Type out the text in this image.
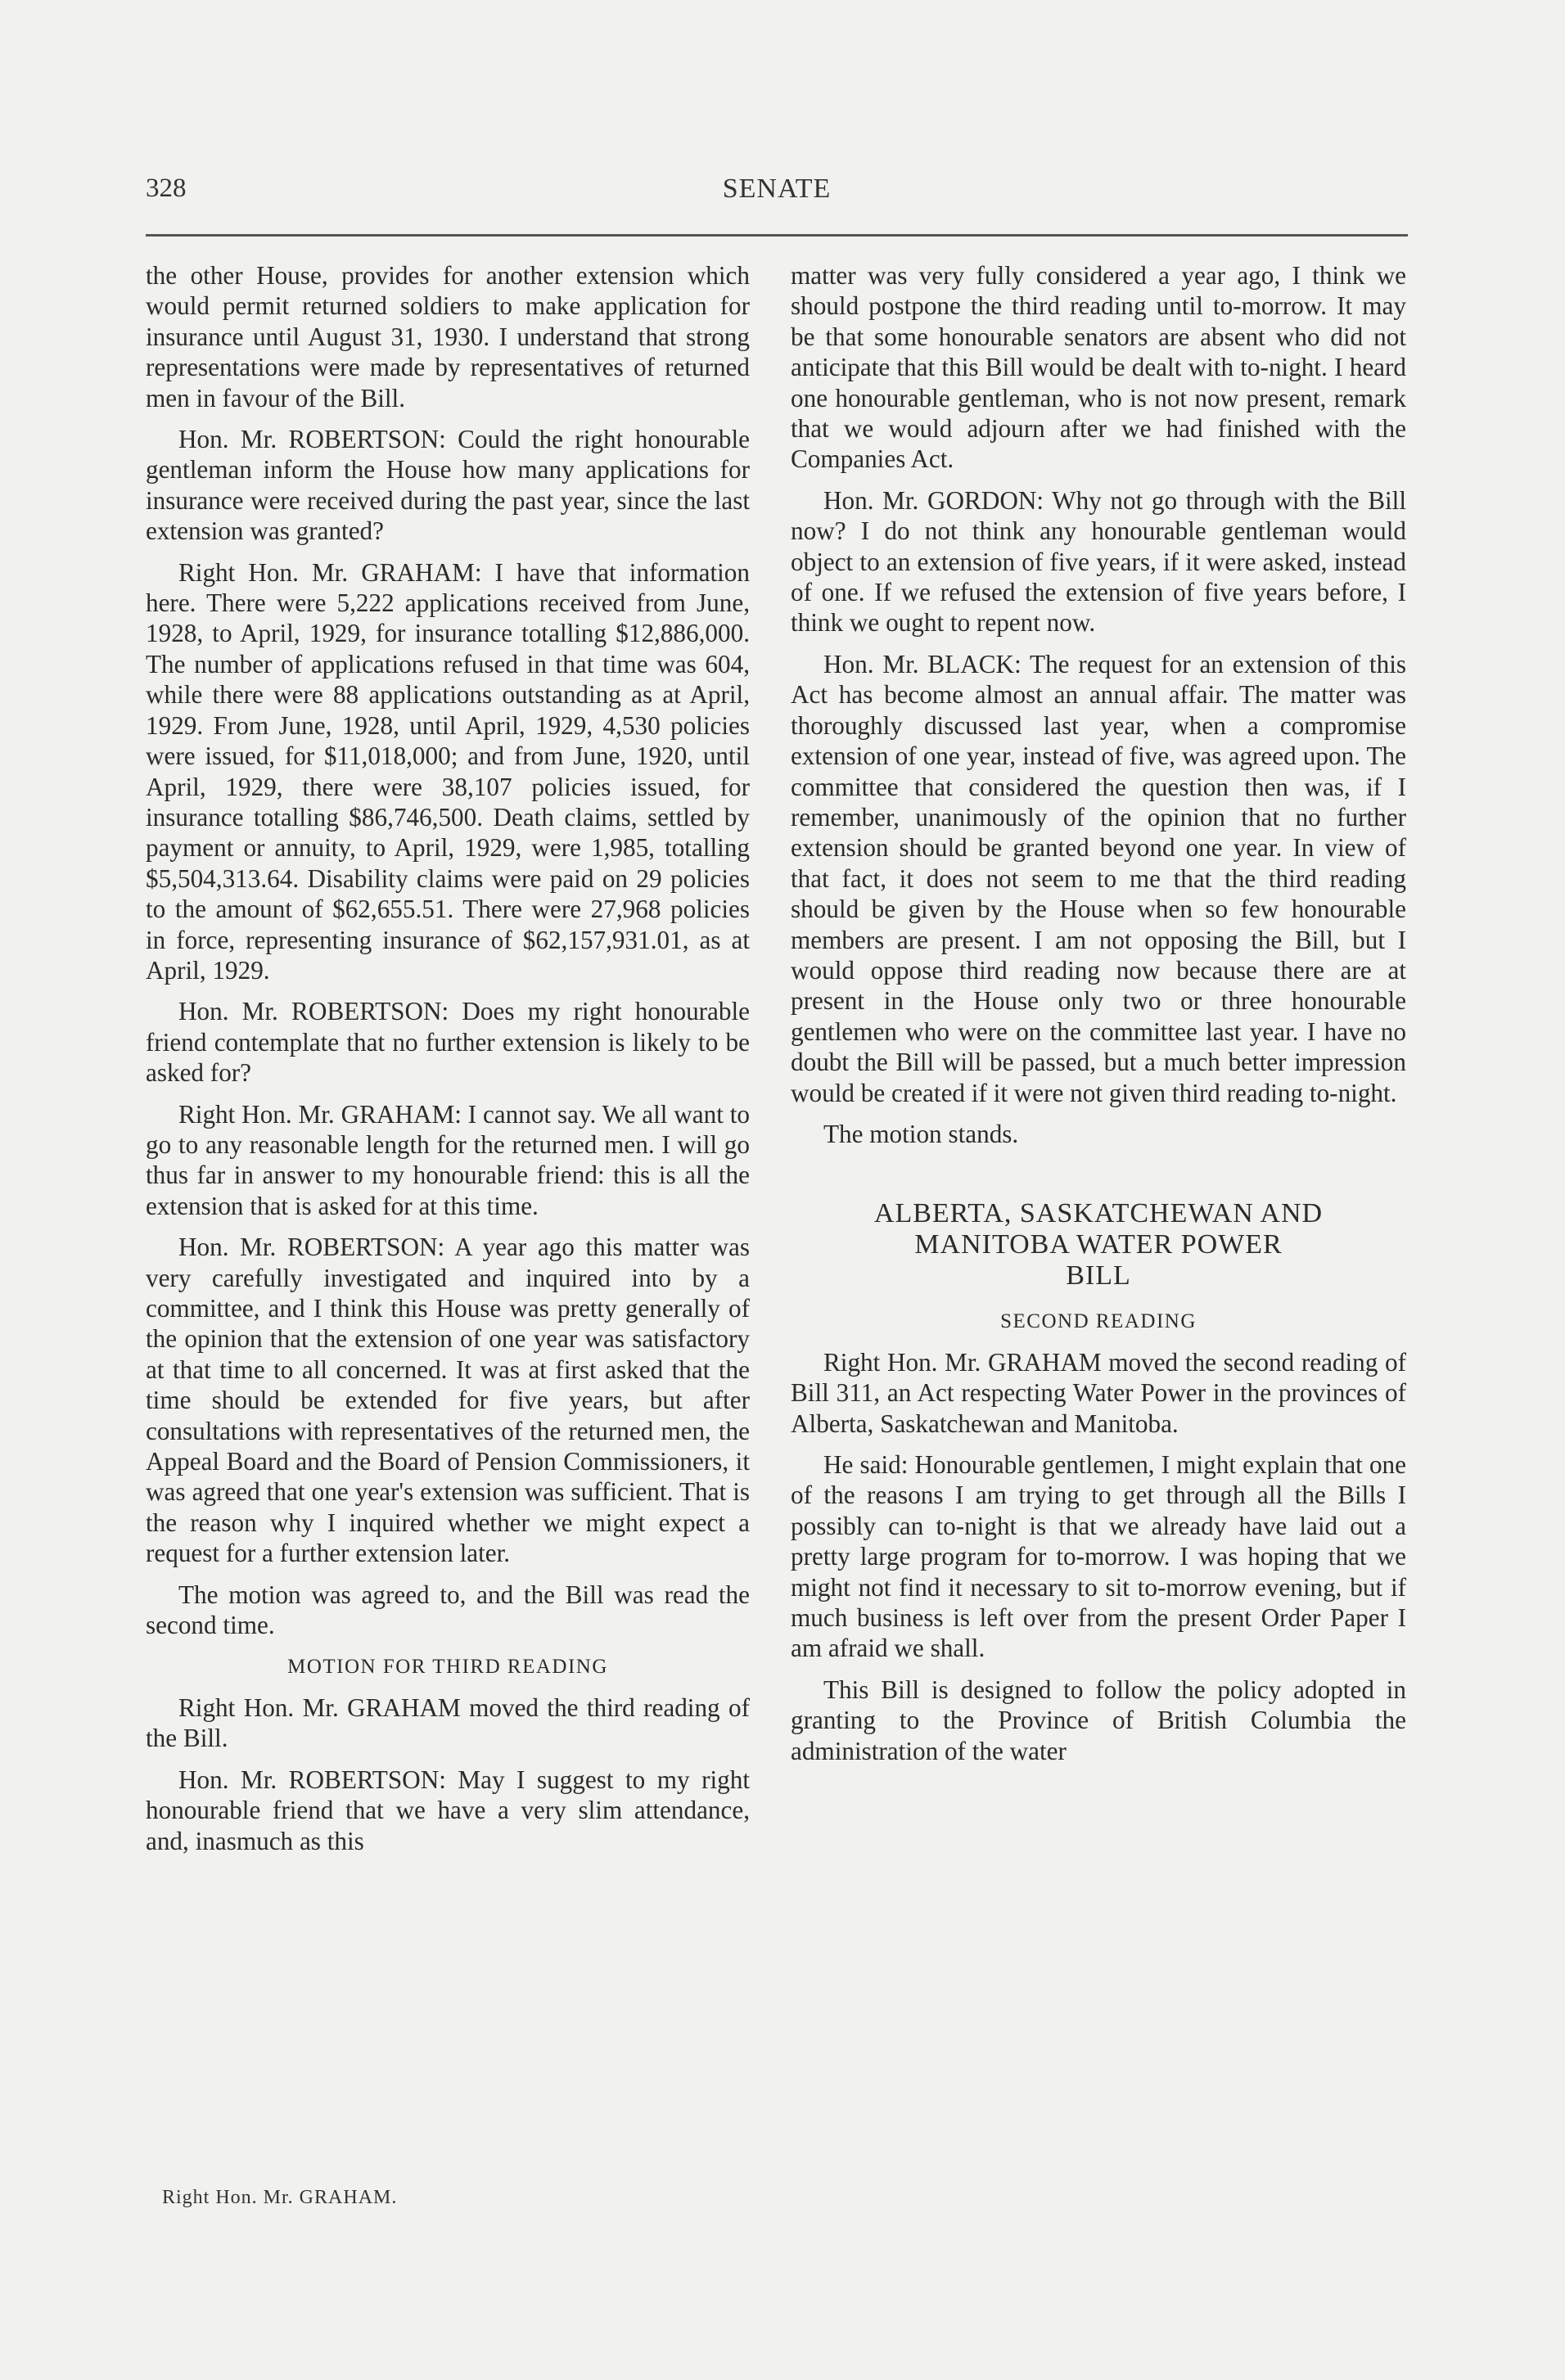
328	SENATE

the other House, provides for another extension which would permit returned soldiers to make application for insurance until August 31, 1930. I understand that strong representations were made by representatives of returned men in favour of the Bill.

Hon. Mr. ROBERTSON: Could the right honourable gentleman inform the House how many applications for insurance were received during the past year, since the last extension was granted?

Right Hon. Mr. GRAHAM: I have that information here. There were 5,222 applications received from June, 1928, to April, 1929, for insurance totalling $12,886,000. The number of applications refused in that time was 604, while there were 88 applications outstanding as at April, 1929. From June, 1928, until April, 1929, 4,530 policies were issued, for $11,018,000; and from June, 1920, until April, 1929, there were 38,107 policies issued, for insurance totalling $86,746,500. Death claims, settled by payment or annuity, to April, 1929, were 1,985, totalling $5,504,313.64. Disability claims were paid on 29 policies to the amount of $62,655.51. There were 27,968 policies in force, representing insurance of $62,157,931.01, as at April, 1929.

Hon. Mr. ROBERTSON: Does my right honourable friend contemplate that no further extension is likely to be asked for?

Right Hon. Mr. GRAHAM: I cannot say. We all want to go to any reasonable length for the returned men. I will go thus far in answer to my honourable friend: this is all the extension that is asked for at this time.

Hon. Mr. ROBERTSON: A year ago this matter was very carefully investigated and inquired into by a committee, and I think this House was pretty generally of the opinion that the extension of one year was satisfactory at that time to all concerned. It was at first asked that the time should be extended for five years, but after consultations with representatives of the returned men, the Appeal Board and the Board of Pension Commissioners, it was agreed that one year's extension was sufficient. That is the reason why I inquired whether we might expect a request for a further extension later.

The motion was agreed to, and the Bill was read the second time.

MOTION FOR THIRD READING

Right Hon. Mr. GRAHAM moved the third reading of the Bill.

Hon. Mr. ROBERTSON: May I suggest to my right honourable friend that we have a very slim attendance, and, inasmuch as this

matter was very fully considered a year ago, I think we should postpone the third reading until to-morrow. It may be that some honourable senators are absent who did not anticipate that this Bill would be dealt with to-night. I heard one honourable gentleman, who is not now present, remark that we would adjourn after we had finished with the Companies Act.

Hon. Mr. GORDON: Why not go through with the Bill now? I do not think any honourable gentleman would object to an extension of five years, if it were asked, instead of one. If we refused the extension of five years before, I think we ought to repent now.

Hon. Mr. BLACK: The request for an extension of this Act has become almost an annual affair. The matter was thoroughly discussed last year, when a compromise extension of one year, instead of five, was agreed upon. The committee that considered the question then was, if I remember, unanimously of the opinion that no further extension should be granted beyond one year. In view of that fact, it does not seem to me that the third reading should be given by the House when so few honourable members are present. I am not opposing the Bill, but I would oppose third reading now because there are at present in the House only two or three honourable gentlemen who were on the committee last year. I have no doubt the Bill will be passed, but a much better impression would be created if it were not given third reading to-night.

The motion stands.

ALBERTA, SASKATCHEWAN AND
MANITOBA WATER POWER
BILL
SECOND READING

Right Hon. Mr. GRAHAM moved the second reading of Bill 311, an Act respecting Water Power in the provinces of Alberta, Saskatchewan and Manitoba.

He said: Honourable gentlemen, I might explain that one of the reasons I am trying to get through all the Bills I possibly can to-night is that we already have laid out a pretty large program for to-morrow. I was hoping that we might not find it necessary to sit to-morrow evening, but if much business is left over from the present Order Paper I am afraid we shall.

This Bill is designed to follow the policy adopted in granting to the Province of British Columbia the administration of the water

Right Hon. Mr. GRAHAM.
